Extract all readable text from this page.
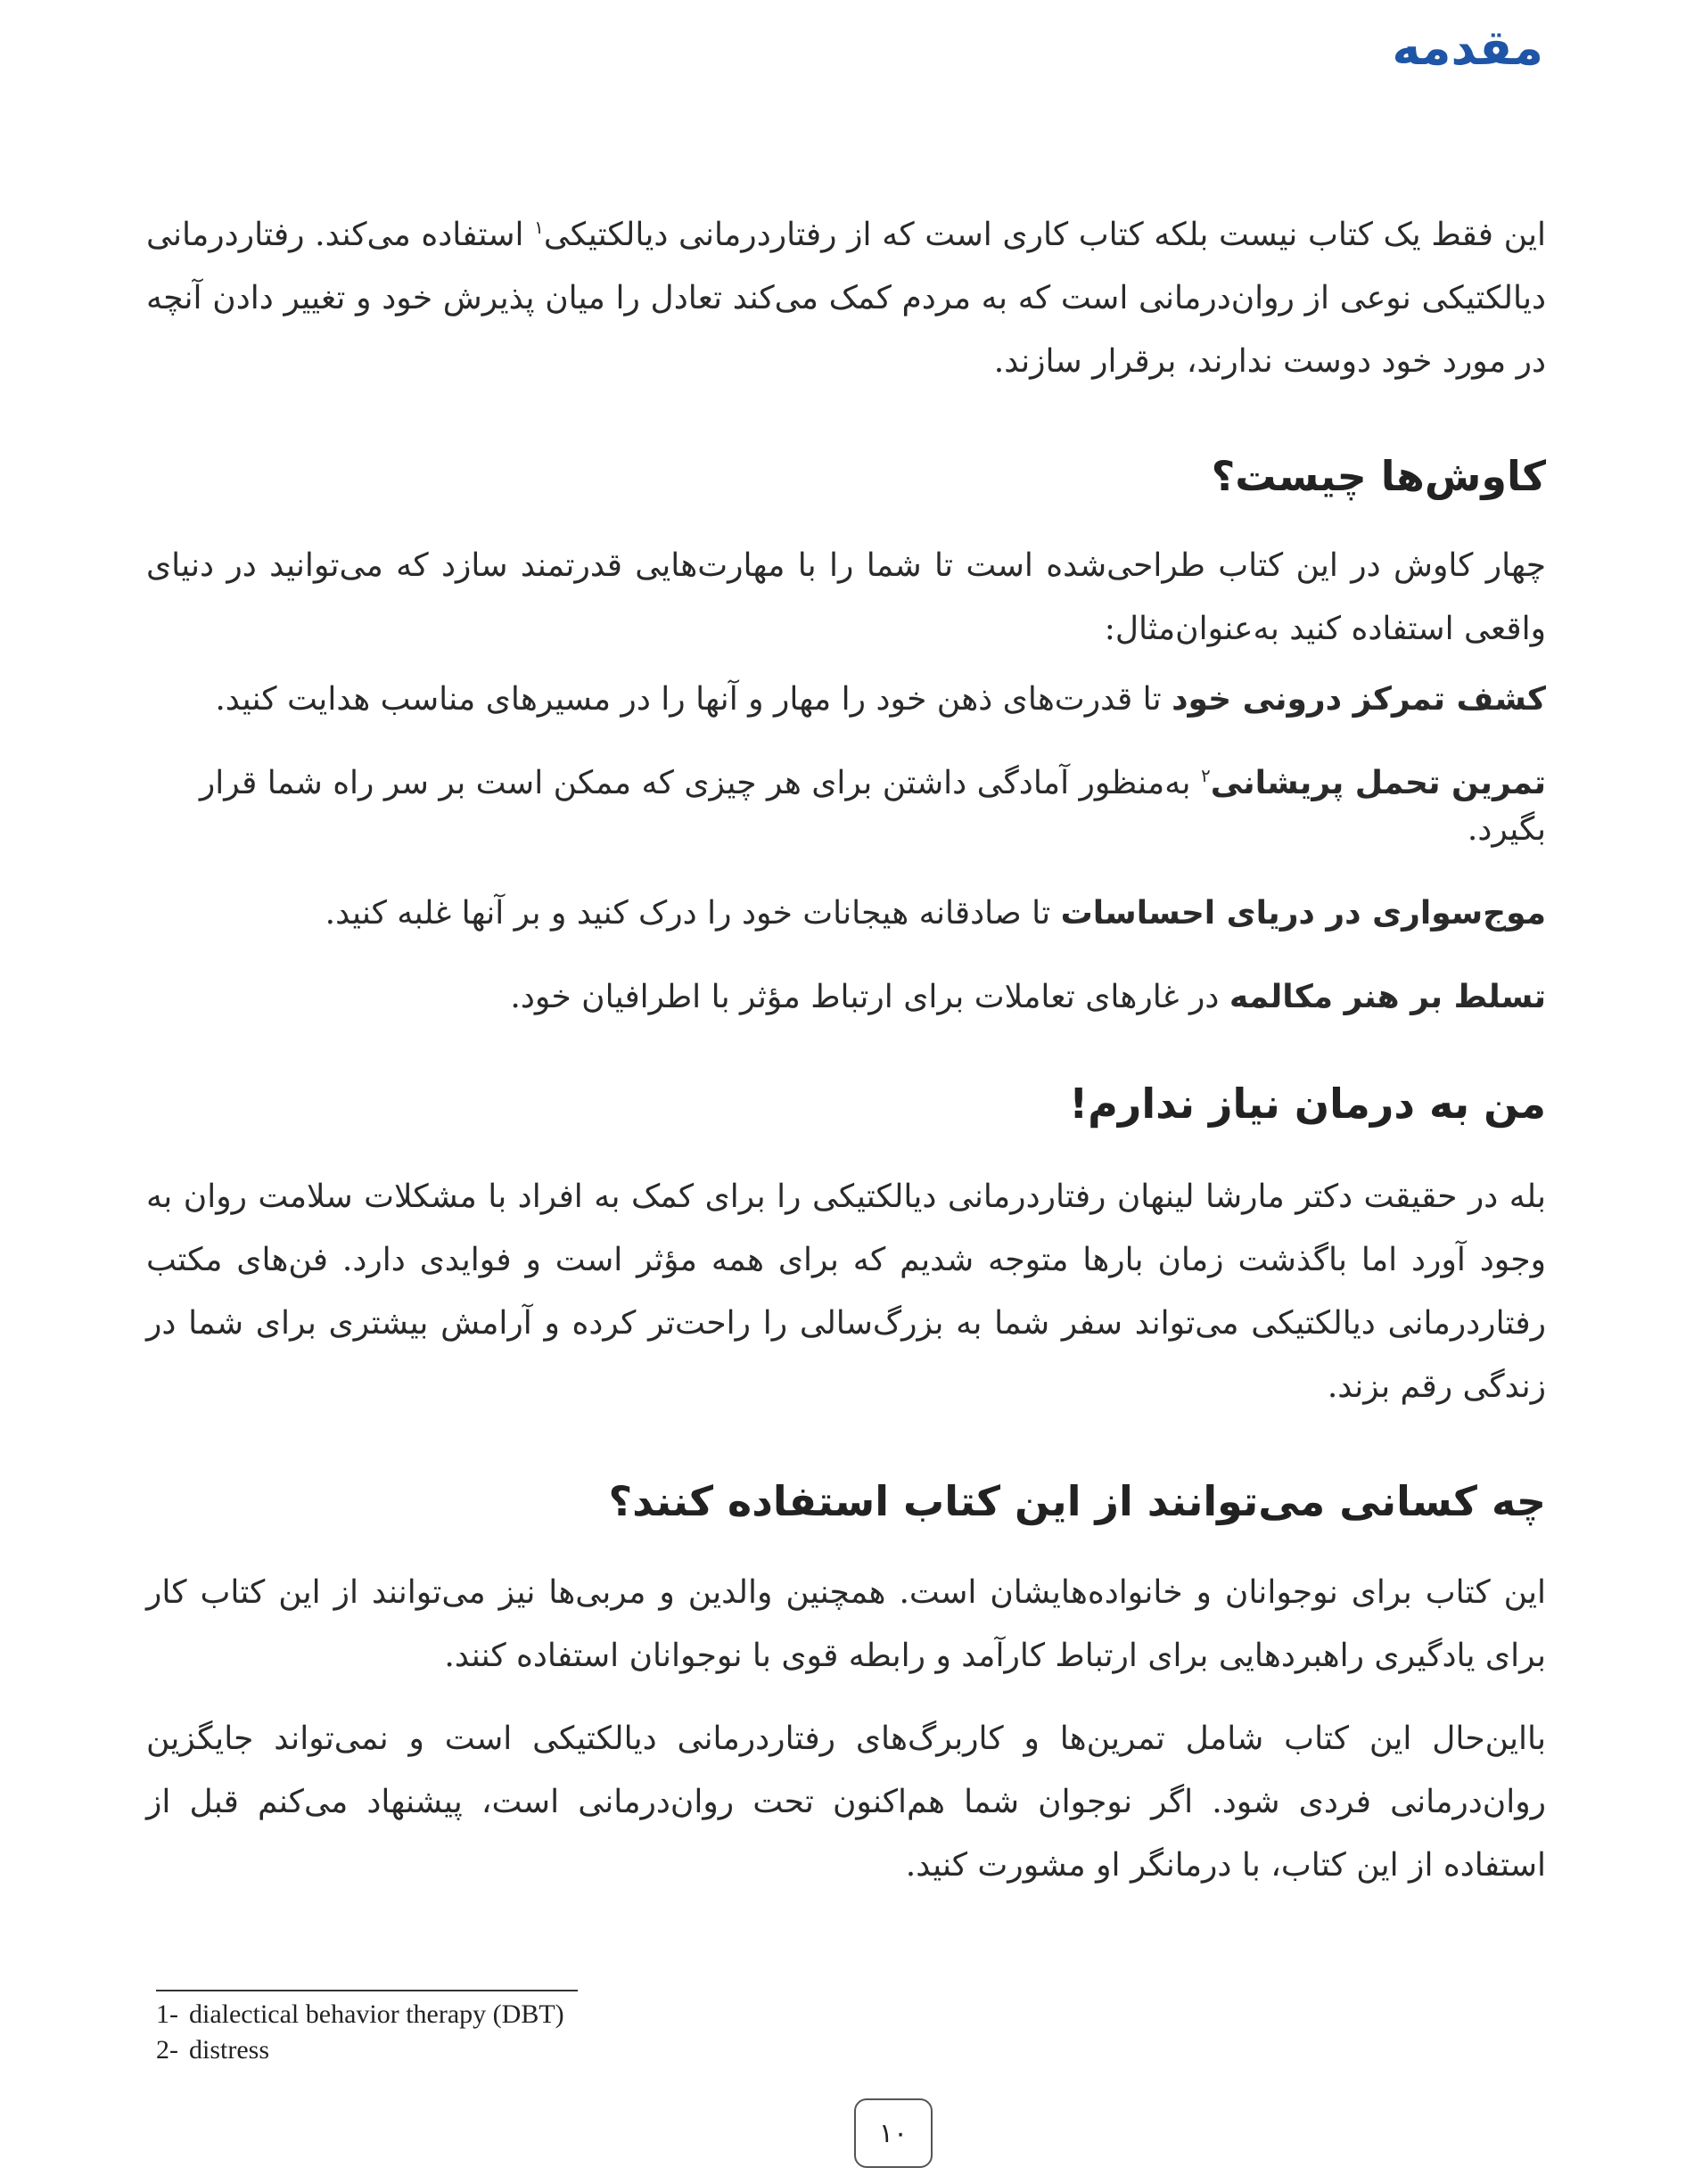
مقدمه

این فقط یک کتاب نیست بلکه کتاب کاری است که از رفتاردرمانی دیالکتیکی$^۱$ استفاده می‌کند. رفتاردرمانی دیالکتیکی نوعی از روان‌درمانی است که به مردم کمک می‌کند تعادل را میان پذیرش خود و تغییر دادن آنچه در مورد خود دوست ندارند، برقرار سازند.

کاوش‌ها چیست؟

چهار کاوش در این کتاب طراحی‌شده است تا شما را با مهارت‌هایی قدرتمند سازد که می‌توانید در دنیای واقعی استفاده کنید به‌عنوان‌مثال:

کشف تمرکز درونی خود تا قدرت‌های ذهن خود را مهار و آنها را در مسیرهای مناسب هدایت کنید.

تمرین تحمل پریشانی$^۲$ به‌منظور آمادگی داشتن برای هر چیزی که ممکن است بر سر راه شما قرار بگیرد.

موج‌سواری در دریای احساسات تا صادقانه هیجانات خود را درک کنید و بر آنها غلبه کنید.

تسلط بر هنر مکالمه در غارهای تعاملات برای ارتباط مؤثر با اطرافیان خود.

من به درمان نیاز ندارم!

بله در حقیقت دکتر مارشا لینهان رفتاردرمانی دیالکتیکی را برای کمک به افراد با مشکلات سلامت روان به وجود آورد اما باگذشت زمان بارها متوجه شدیم که برای همه مؤثر است و فوایدی دارد. فن‌های مکتب رفتاردرمانی دیالکتیکی می‌تواند سفر شما به بزرگ‌سالی را راحت‌تر کرده و آرامش بیشتری برای شما در زندگی رقم بزند.

چه کسانی می‌توانند از این کتاب استفاده کنند؟

این کتاب برای نوجوانان و خانواده‌هایشان است. همچنین والدین و مربی‌ها نیز می‌توانند از این کتاب کار برای یادگیری راهبردهایی برای ارتباط کارآمد و رابطه قوی با نوجوانان استفاده کنند.

بااین‌حال این کتاب شامل تمرین‌ها و کاربرگ‌های رفتاردرمانی دیالکتیکی است و نمی‌تواند جایگزین روان‌درمانی فردی شود. اگر نوجوان شما هم‌اکنون تحت روان‌درمانی است، پیشنهاد می‌کنم قبل از استفاده از این کتاب، با درمانگر او مشورت کنید.

1- dialectical behavior therapy (DBT)

2- distress

۱۰
